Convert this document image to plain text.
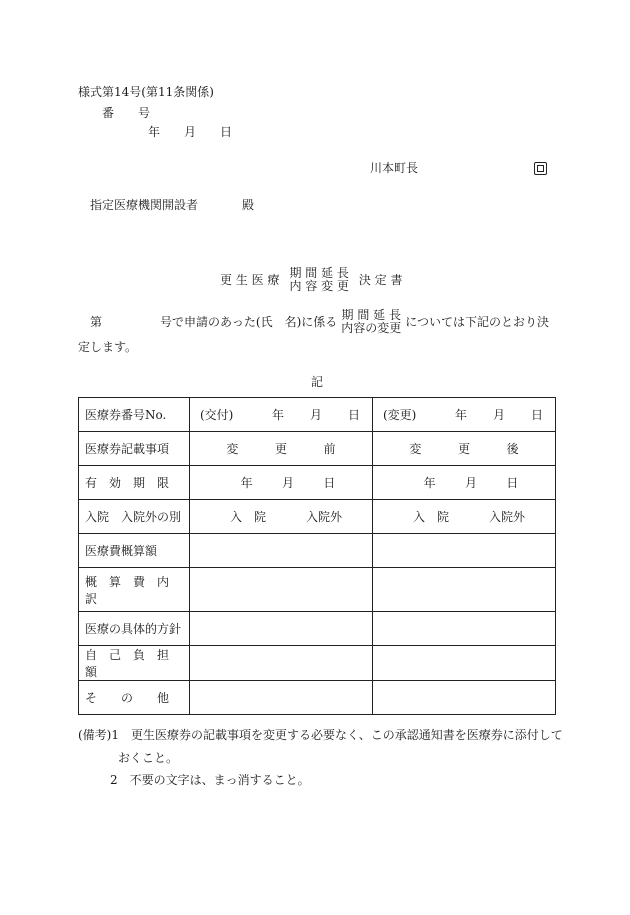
様式第14号(第11条関係)
番　　号
年　　月　　日
川本町長
指定医療機関開設者	殿
更 生 医 療 期 間 延 長
内 容 変 更 決 定 書
第	号で申請のあった(氏　名)に係る 期 間 延 長
内容の変更 については下記のとおり決
定します。
記
医療券番号No.	(交付) 年 月 日	(変更) 年 月 日

医療券記載事項	変 更 前	変 更 後

有　効　期　限	年 月 日	年 月 日

入院　入院外の別	入　院 入院外	入　院 入院外

医療費概算額		
概　算　費　内　訳		
医療の具体的方針		
自　己　負　担　額		
そ　　の　　他		
(備考)1 更生医療券の記載事項を変更する必要なく、この承認通知書を医療券に添付して
おくこと。
2 不要の文字は、まっ消すること。
